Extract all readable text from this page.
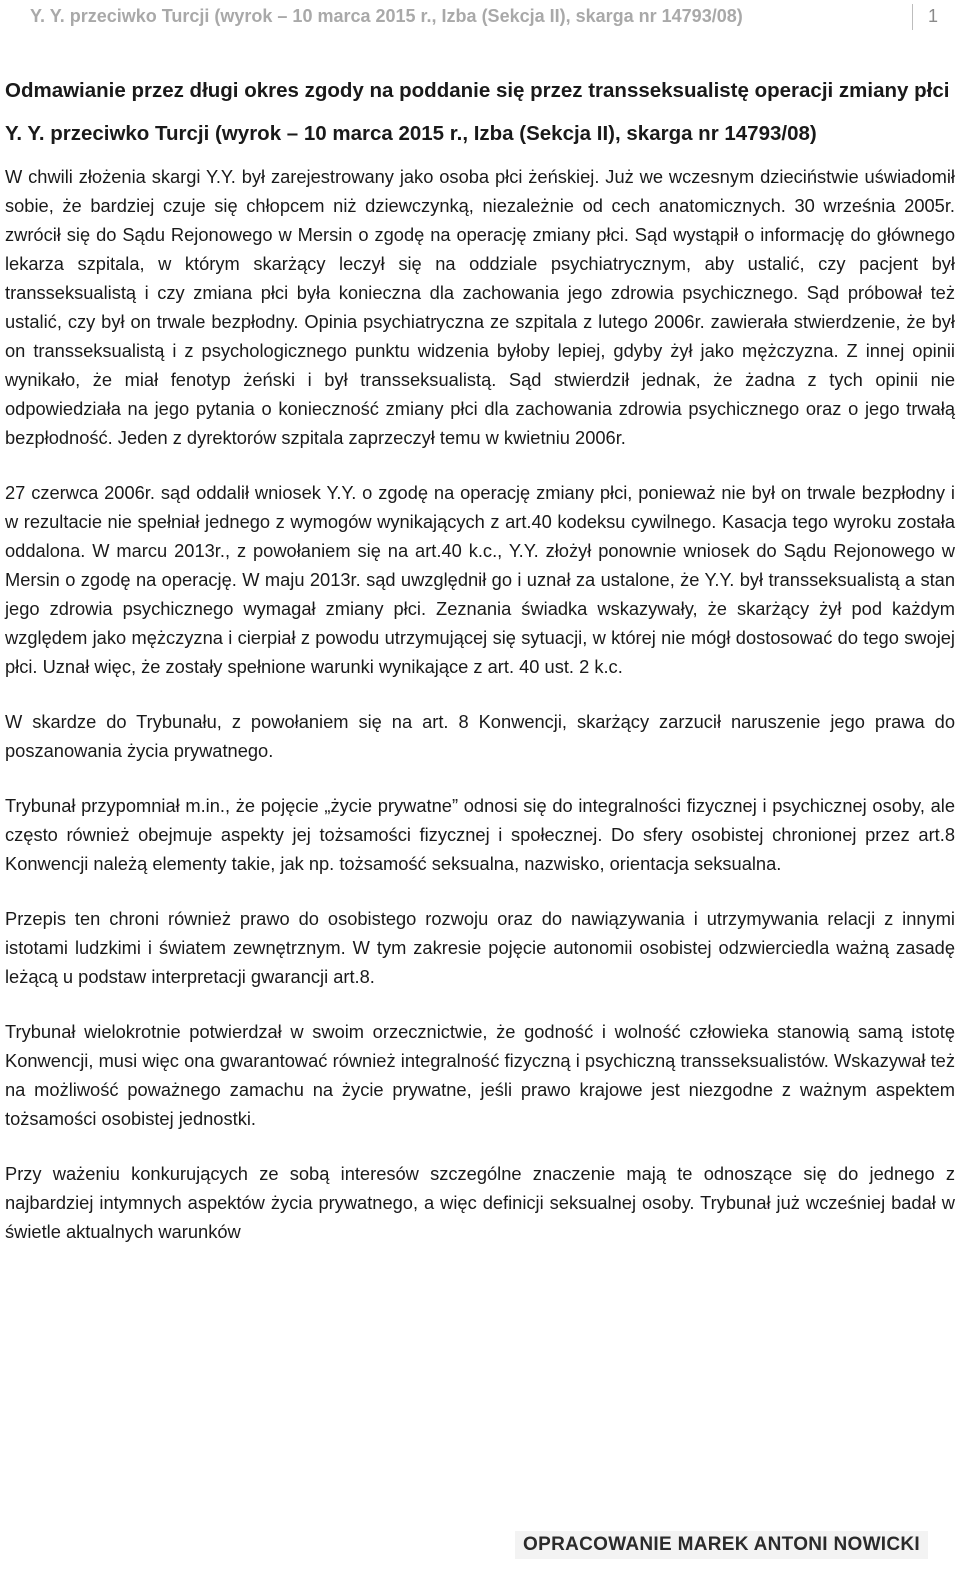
Y. Y. przeciwko Turcji (wyrok – 10 marca 2015 r., Izba (Sekcja II), skarga nr 14793/08)	1
Odmawianie przez długi okres zgody na poddanie się przez transseksualistę operacji zmiany płci
Y. Y. przeciwko Turcji (wyrok – 10 marca 2015 r., Izba (Sekcja II), skarga nr 14793/08)

W chwili złożenia skargi Y.Y. był zarejestrowany jako osoba płci żeńskiej. Już we wczesnym dzieciństwie uświadomił sobie, że bardziej czuje się chłopcem niż dziewczynką, niezależnie od cech anatomicznych. 30 września 2005r. zwrócił się do Sądu Rejonowego w Mersin o zgodę na operację zmiany płci. Sąd wystąpił o informację do głównego lekarza szpitala, w którym skarżący leczył się na oddziale psychiatrycznym, aby ustalić, czy pacjent był transseksualistą i czy zmiana płci była konieczna dla zachowania jego zdrowia psychicznego. Sąd próbował też ustalić, czy był on trwale bezpłodny. Opinia psychiatryczna ze szpitala z lutego 2006r. zawierała stwierdzenie, że był on transseksualistą i z psychologicznego punktu widzenia byłoby lepiej, gdyby żył jako mężczyzna. Z innej opinii wynikało, że miał fenotyp żeński i był transseksualistą. Sąd stwierdził jednak, że żadna z tych opinii nie odpowiedziała na jego pytania o konieczność zmiany płci dla zachowania zdrowia psychicznego oraz o jego trwałą bezpłodność. Jeden z dyrektorów szpitala zaprzeczył temu w kwietniu 2006r.

27 czerwca 2006r. sąd oddalił wniosek Y.Y. o zgodę na operację zmiany płci, ponieważ nie był on trwale bezpłodny i w rezultacie nie spełniał jednego z wymogów wynikających z art.40 kodeksu cywilnego. Kasacja tego wyroku została oddalona. W marcu 2013r., z powołaniem się na art.40 k.c., Y.Y. złożył ponownie wniosek do Sądu Rejonowego w Mersin o zgodę na operację. W maju 2013r. sąd uwzględnił go i uznał za ustalone, że Y.Y. był transseksualistą a stan jego zdrowia psychicznego wymagał zmiany płci. Zeznania świadka wskazywały, że skarżący żył pod każdym względem jako mężczyzna i cierpiał z powodu utrzymującej się sytuacji, w której nie mógł dostosować do tego swojej płci. Uznał więc, że zostały spełnione warunki wynikające z art. 40 ust. 2 k.c.

W skardze do Trybunału, z powołaniem się na art. 8 Konwencji, skarżący zarzucił naruszenie jego prawa do poszanowania życia prywatnego.

Trybunał przypomniał m.in., że pojęcie „życie prywatne” odnosi się do integralności fizycznej i psychicznej osoby, ale często również obejmuje aspekty jej tożsamości fizycznej i społecznej. Do sfery osobistej chronionej przez art.8 Konwencji należą elementy takie, jak np. tożsamość seksualna, nazwisko, orientacja seksualna.

Przepis ten chroni również prawo do osobistego rozwoju oraz do nawiązywania i utrzymywania relacji z innymi istotami ludzkimi i światem zewnętrznym. W tym zakresie pojęcie autonomii osobistej odzwierciedla ważną zasadę leżącą u podstaw interpretacji gwarancji art.8.

Trybunał wielokrotnie potwierdzał w swoim orzecznictwie, że godność i wolność człowieka stanowią samą istotę Konwencji, musi więc ona gwarantować również integralność fizyczną i psychiczną transseksualistów. Wskazywał też na możliwość poważnego zamachu na życie prywatne, jeśli prawo krajowe jest niezgodne z ważnym aspektem tożsamości osobistej jednostki.

Przy ważeniu konkurujących ze sobą interesów szczególne znaczenie mają te odnoszące się do jednego z najbardziej intymnych aspektów życia prywatnego, a więc definicji seksualnej osoby. Trybunał już wcześniej badał w świetle aktualnych warunków

OPRACOWANIE MAREK ANTONI NOWICKI
